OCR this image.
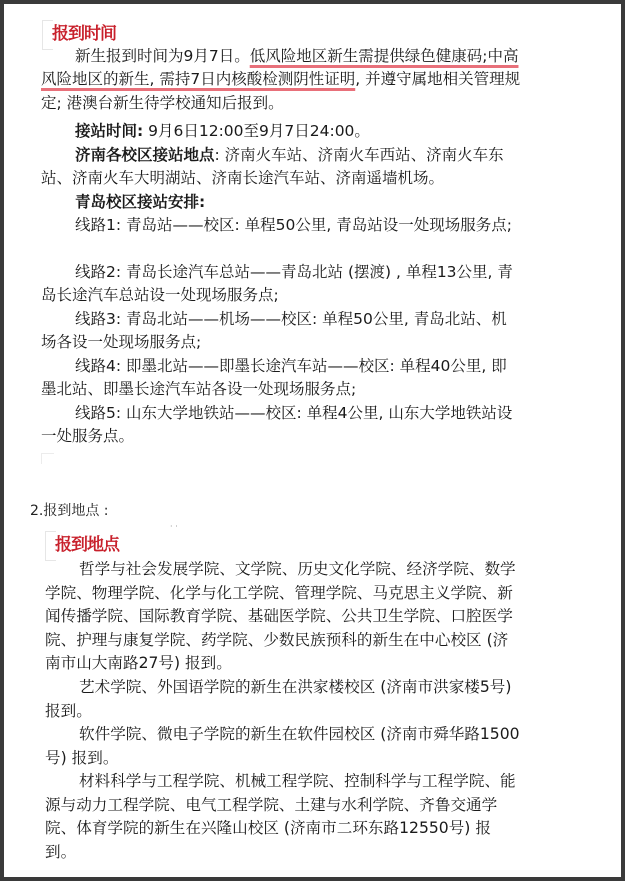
报到时间
新生报到时间为9月7日。低风险地区新生需提供绿色健康码;中高风险地区的新生, 需持7日内核酸检测阴性证明, 并遵守属地相关管理规定; 港澳台新生待学校通知后报到。
接站时间: 9月6日12:00至9月7日24:00。
济南各校区接站地点: 济南火车站、济南火车西站、济南火车东站、济南火车大明湖站、济南长途汽车站、济南遥墙机场。
青岛校区接站安排:
线路1: 青岛站——校区: 单程50公里, 青岛站设一处现场服务点;
线路2: 青岛长途汽车总站——青岛北站 (摆渡) , 单程13公里, 青岛长途汽车总站设一处现场服务点;
线路3: 青岛北站——机场——校区: 单程50公里, 青岛北站、机场各设一处现场服务点;
线路4: 即墨北站——即墨长途汽车站——校区: 单程40公里, 即墨北站、即墨长途汽车站各设一处现场服务点;
线路5: 山东大学地铁站——校区: 单程4公里, 山东大学地铁站设一处服务点。
2.报到地点 :
· ·
报到地点
哲学与社会发展学院、文学院、历史文化学院、经济学院、数学学院、物理学院、化学与化工学院、管理学院、马克思主义学院、新闻传播学院、国际教育学院、基础医学院、公共卫生学院、口腔医学院、护理与康复学院、药学院、少数民族预科的新生在中心校区 (济南市山大南路27号) 报到。
艺术学院、外国语学院的新生在洪家楼校区 (济南市洪家楼5号) 报到。
软件学院、微电子学院的新生在软件园校区 (济南市舜华路1500号) 报到。
材料科学与工程学院、机械工程学院、控制科学与工程学院、能源与动力工程学院、电气工程学院、土建与水利学院、齐鲁交通学院、体育学院的新生在兴隆山校区 (济南市二环东路12550号) 报到。
